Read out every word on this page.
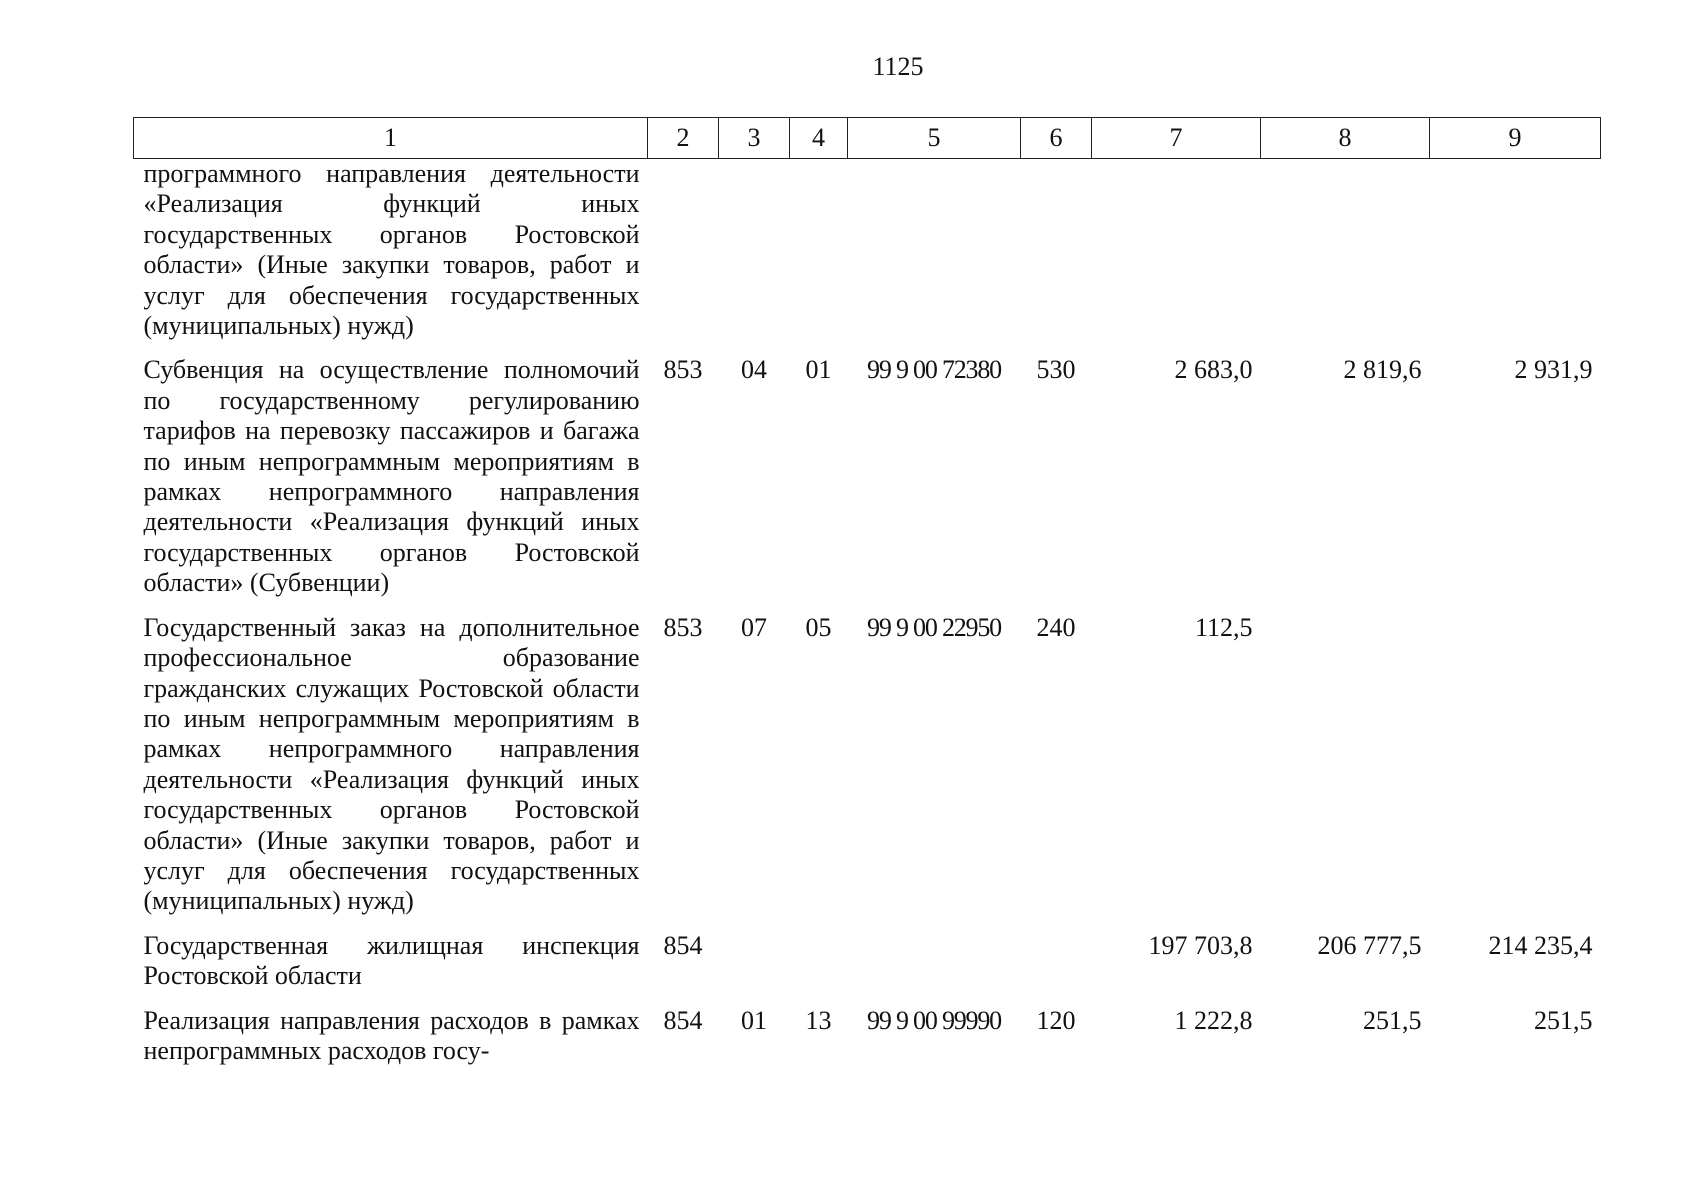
1125
1	2	3	4	5	6	7	8	9
программного направления деятельности «Реализация функций иных государственных органов Ростовской области» (Иные закупки товаров, работ и услуг для обеспечения государственных (муниципальных) нужд)								
Субвенция на осуществление полномочий по государственному регулированию тарифов на перевозку пассажиров и багажа по иным непрограммным мероприятиям в рамках непрограммного направления деятельности «Реализация функций иных государственных органов Ростовской области» (Субвенции)	853	04	01	99 9 00 72380	530	2 683,0	2 819,6	2 931,9
Государственный заказ на дополнительное профессиональное образование гражданских служащих Ростовской области по иным непрограммным мероприятиям в рамках непрограммного направления деятельности «Реализация функций иных государственных органов Ростовской области» (Иные закупки товаров, работ и услуг для обеспечения государственных (муниципальных) нужд)	853	07	05	99 9 00 22950	240	112,5		
Государственная жилищная инспекция Ростовской области	854					197 703,8	206 777,5	214 235,4
Реализация направления расходов в рамках непрограммных расходов госу-	854	01	13	99 9 00 99990	120	1 222,8	251,5	251,5
